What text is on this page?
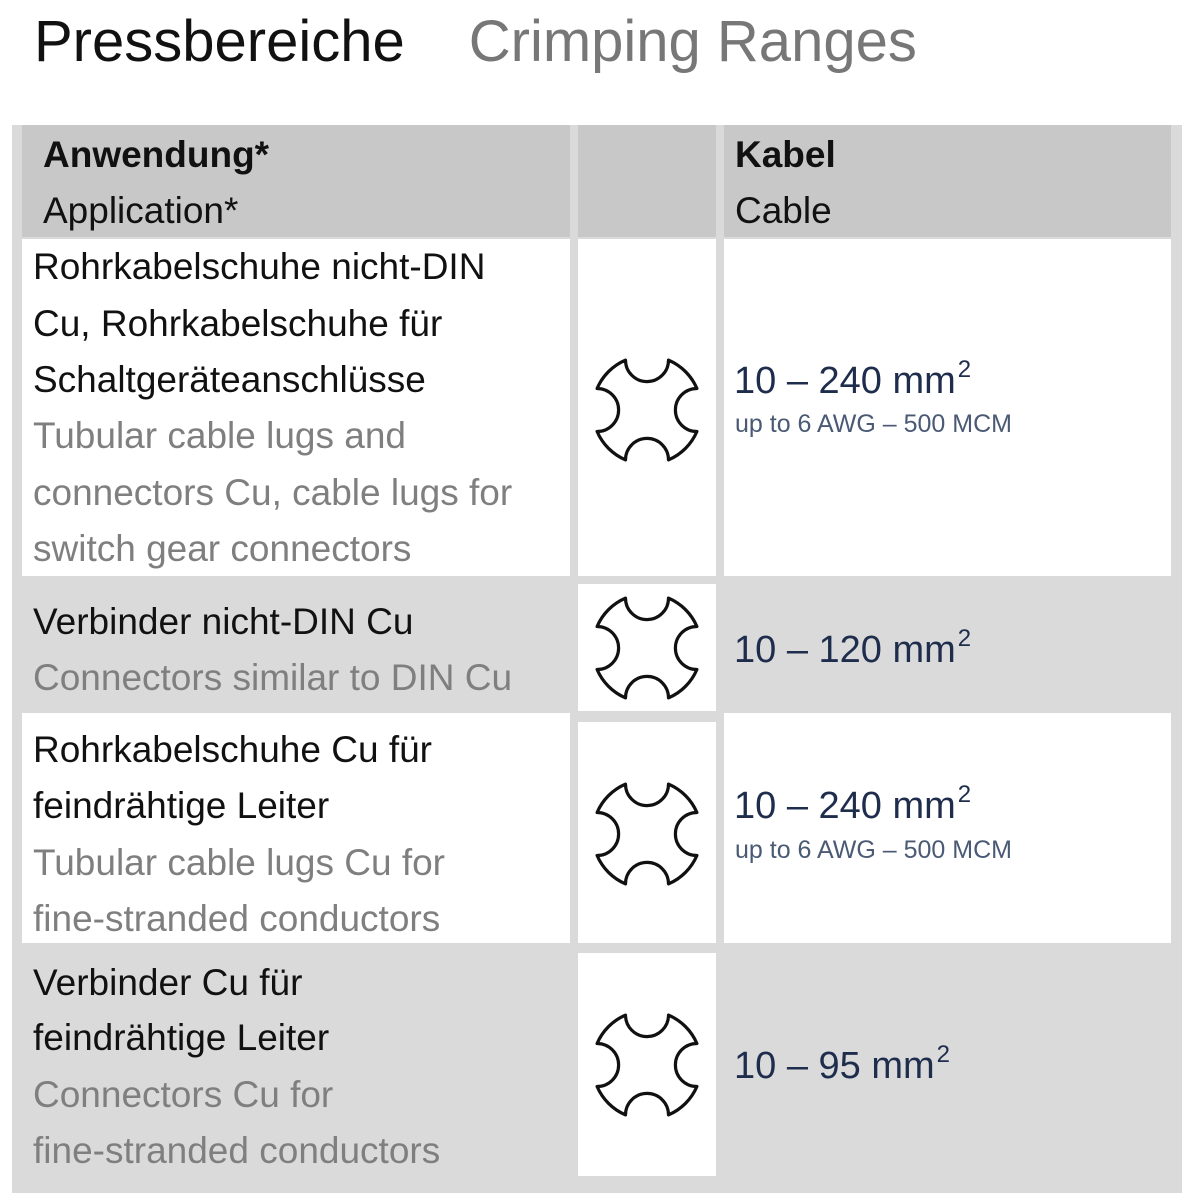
Pressbereiche Crimping Ranges
Anwendung*
Application*
Kabel
Cable
Rohrkabelschuhe nicht-DIN
Cu, Rohrkabelschuhe für
Schaltgeräteanschlüsse
Tubular cable lugs and
connectors Cu, cable lugs for
switch gear connectors
10 – 240 $mm^2$
up to 6 AWG – 500 MCM
Verbinder nicht-DIN Cu
Connectors similar to DIN Cu
10 – 120 $mm^2$
Rohrkabelschuhe Cu für
feindrähtige Leiter
Tubular cable lugs Cu for
fine-stranded conductors
10 – 240 $mm^2$
up to 6 AWG – 500 MCM
Verbinder Cu für
feindrähtige Leiter
Connectors Cu for
fine-stranded conductors
10 – 95 $mm^2$
